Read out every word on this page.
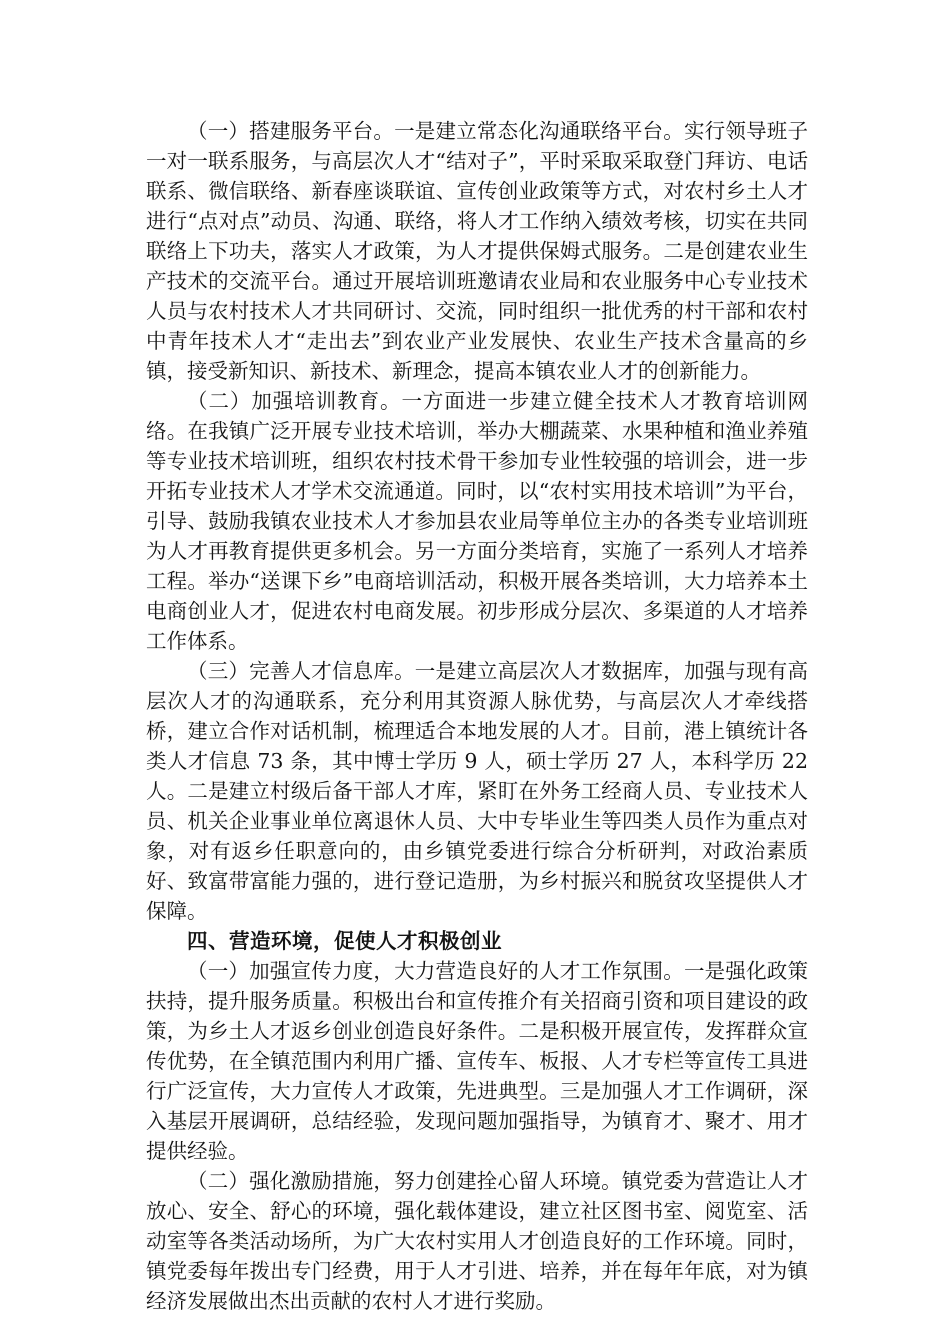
（一）搭建服务平台。一是建立常态化沟通联络平台。实行领导班子一对一联系服务，与高层次人才“结对子”，平时采取采取登门拜访、电话联系、微信联络、新春座谈联谊、宣传创业政策等方式，对农村乡土人才进行“点对点”动员、沟通、联络，将人才工作纳入绩效考核，切实在共同联络上下功夫，落实人才政策，为人才提供保姆式服务。二是创建农业生产技术的交流平台。通过开展培训班邀请农业局和农业服务中心专业技术人员与农村技术人才共同研讨、交流，同时组织一批优秀的村干部和农村中青年技术人才“走出去”到农业产业发展快、农业生产技术含量高的乡镇，接受新知识、新技术、新理念，提高本镇农业人才的创新能力。

（二）加强培训教育。一方面进一步建立健全技术人才教育培训网络。在我镇广泛开展专业技术培训，举办大棚蔬菜、水果种植和渔业养殖等专业技术培训班，组织农村技术骨干参加专业性较强的培训会，进一步开拓专业技术人才学术交流通道。同时，以“农村实用技术培训”为平台，引导、鼓励我镇农业技术人才参加县农业局等单位主办的各类专业培训班为人才再教育提供更多机会。另一方面分类培育，实施了一系列人才培养工程。举办“送课下乡”电商培训活动，积极开展各类培训，大力培养本土电商创业人才，促进农村电商发展。初步形成分层次、多渠道的人才培养工作体系。

（三）完善人才信息库。一是建立高层次人才数据库，加强与现有高层次人才的沟通联系，充分利用其资源人脉优势，与高层次人才牵线搭桥，建立合作对话机制，梳理适合本地发展的人才。目前，港上镇统计各类人才信息 73 条，其中博士学历 9 人，硕士学历 27 人，本科学历 22 人。二是建立村级后备干部人才库，紧盯在外务工经商人员、专业技术人员、机关企业事业单位离退休人员、大中专毕业生等四类人员作为重点对象，对有返乡任职意向的，由乡镇党委进行综合分析研判，对政治素质好、致富带富能力强的，进行登记造册，为乡村振兴和脱贫攻坚提供人才保障。

四、营造环境，促使人才积极创业

（一）加强宣传力度，大力营造良好的人才工作氛围。一是强化政策扶持，提升服务质量。积极出台和宣传推介有关招商引资和项目建设的政策，为乡土人才返乡创业创造良好条件。二是积极开展宣传，发挥群众宣传优势，在全镇范围内利用广播、宣传车、板报、人才专栏等宣传工具进行广泛宣传，大力宣传人才政策，先进典型。三是加强人才工作调研，深入基层开展调研，总结经验，发现问题加强指导，为镇育才、聚才、用才提供经验。

（二）强化激励措施，努力创建拴心留人环境。镇党委为营造让人才放心、安全、舒心的环境，强化载体建设，建立社区图书室、阅览室、活动室等各类活动场所，为广大农村实用人才创造良好的工作环境。同时，镇党委每年拨出专门经费，用于人才引进、培养，并在每年年底，对为镇经济发展做出杰出贡献的农村人才进行奖励。
